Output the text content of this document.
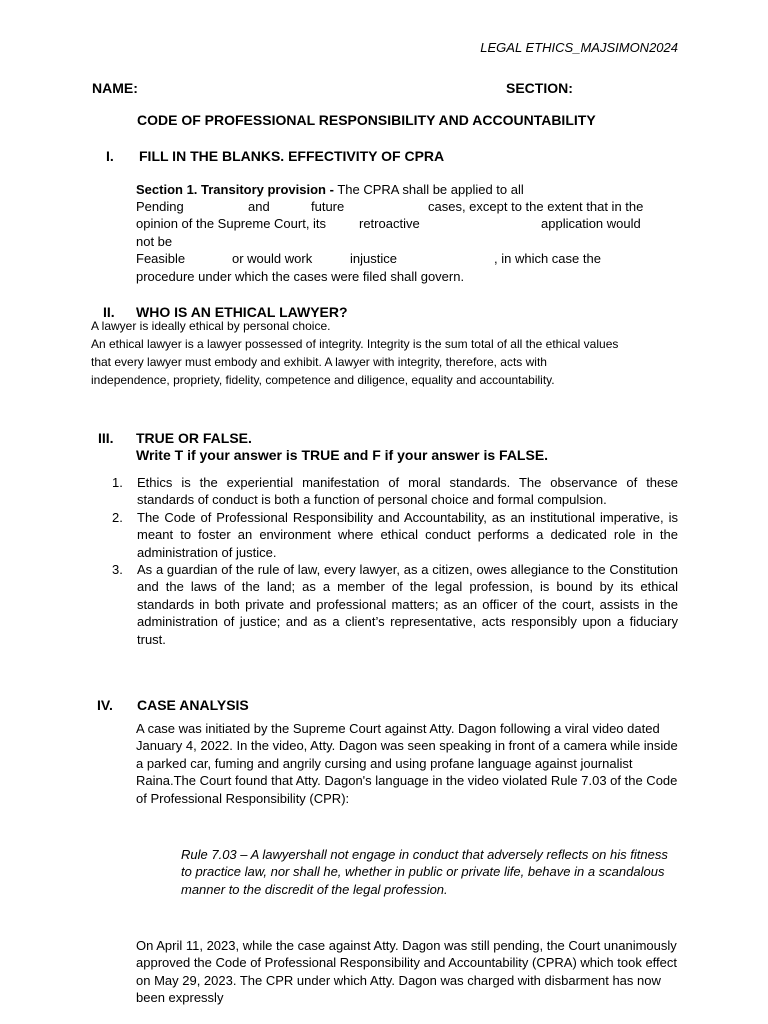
LEGAL ETHICS_MAJSIMON2024
NAME:	SECTION:
CODE OF PROFESSIONAL RESPONSIBILITY AND ACCOUNTABILITY
I. FILL IN THE BLANKS. EFFECTIVITY OF CPRA
Section 1. Transitory provision - The CPRA shall be applied to all
Pending	and	future	cases, except to the extent that in the
opinion of the Supreme Court, its	retroactive	application would
not be
Feasible	or would work	injustice	, in which case the
procedure under which the cases were filed shall govern.
II. WHO IS AN ETHICAL LAWYER?
A lawyer is ideally ethical by personal choice.
An ethical lawyer is a lawyer possessed of integrity. Integrity is the sum total of all the ethical values
that every lawyer must embody and exhibit. A lawyer with integrity, therefore, acts with
independence, propriety, fidelity, competence and diligence, equality and accountability.
III. TRUE OR FALSE.
Write T if your answer is TRUE and F if your answer is FALSE.
1.	Ethics is the experiential manifestation of moral standards. The observance of these standards of conduct is both a function of personal choice and formal compulsion.
2.	The Code of Professional Responsibility and Accountability, as an institutional imperative, is meant to foster an environment where ethical conduct performs a dedicated role in the administration of justice.
3.	As a guardian of the rule of law, every lawyer, as a citizen, owes allegiance to the Constitution and the laws of the land; as a member of the legal profession, is bound by its ethical standards in both private and professional matters; as an officer of the court, assists in the administration of justice; and as a client’s representative, acts responsibly upon a fiduciary trust.
IV. CASE ANALYSIS
A case was initiated by the Supreme Court against Atty. Dagon following a viral video dated January 4, 2022. In the video, Atty. Dagon was seen speaking in front of a camera while inside a parked car, fuming and angrily cursing and using profane language against journalist Raina.The Court found that Atty. Dagon's language in the video violated Rule 7.03 of the Code of Professional Responsibility (CPR):
Rule 7.03 – A lawyershall not engage in conduct that adversely reflects on his fitness to practice law, nor shall he, whether in public or private life, behave in a scandalous manner to the discredit of the legal profession.
On April 11, 2023, while the case against Atty. Dagon was still pending, the Court unanimously approved the Code of Professional Responsibility and Accountability (CPRA) which took effect on May 29, 2023. The CPR under which Atty. Dagon was charged with disbarment has now been expressly
